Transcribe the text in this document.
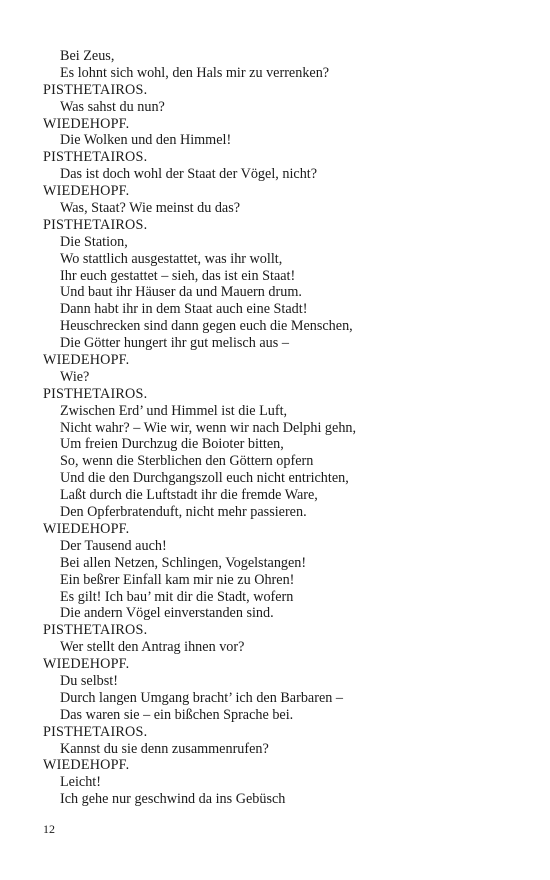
Bei Zeus,
Es lohnt sich wohl, den Hals mir zu verrenken?
PISTHETAIROS.
Was sahst du nun?
WIEDEHOPF.
Die Wolken und den Himmel!
PISTHETAIROS.
Das ist doch wohl der Staat der Vögel, nicht?
WIEDEHOPF.
Was, Staat? Wie meinst du das?
PISTHETAIROS.
Die Station,
Wo stattlich ausgestattet, was ihr wollt,
Ihr euch gestattet – sieh, das ist ein Staat!
Und baut ihr Häuser da und Mauern drum.
Dann habt ihr in dem Staat auch eine Stadt!
Heuschrecken sind dann gegen euch die Menschen,
Die Götter hungert ihr gut melisch aus –
WIEDEHOPF.
Wie?
PISTHETAIROS.
Zwischen Erd’ und Himmel ist die Luft,
Nicht wahr? – Wie wir, wenn wir nach Delphi gehn,
Um freien Durchzug die Boioter bitten,
So, wenn die Sterblichen den Göttern opfern
Und die den Durchgangszoll euch nicht entrichten,
Laßt durch die Luftstadt ihr die fremde Ware,
Den Opferbratenduft, nicht mehr passieren.
WIEDEHOPF.
Der Tausend auch!
Bei allen Netzen, Schlingen, Vogelstangen!
Ein beßrer Einfall kam mir nie zu Ohren!
Es gilt! Ich bau’ mit dir die Stadt, wofern
Die andern Vögel einverstanden sind.
PISTHETAIROS.
Wer stellt den Antrag ihnen vor?
WIEDEHOPF.
Du selbst!
Durch langen Umgang bracht’ ich den Barbaren –
Das waren sie – ein bißchen Sprache bei.
PISTHETAIROS.
Kannst du sie denn zusammenrufen?
WIEDEHOPF.
Leicht!
Ich gehe nur geschwind da ins Gebüsch
12
